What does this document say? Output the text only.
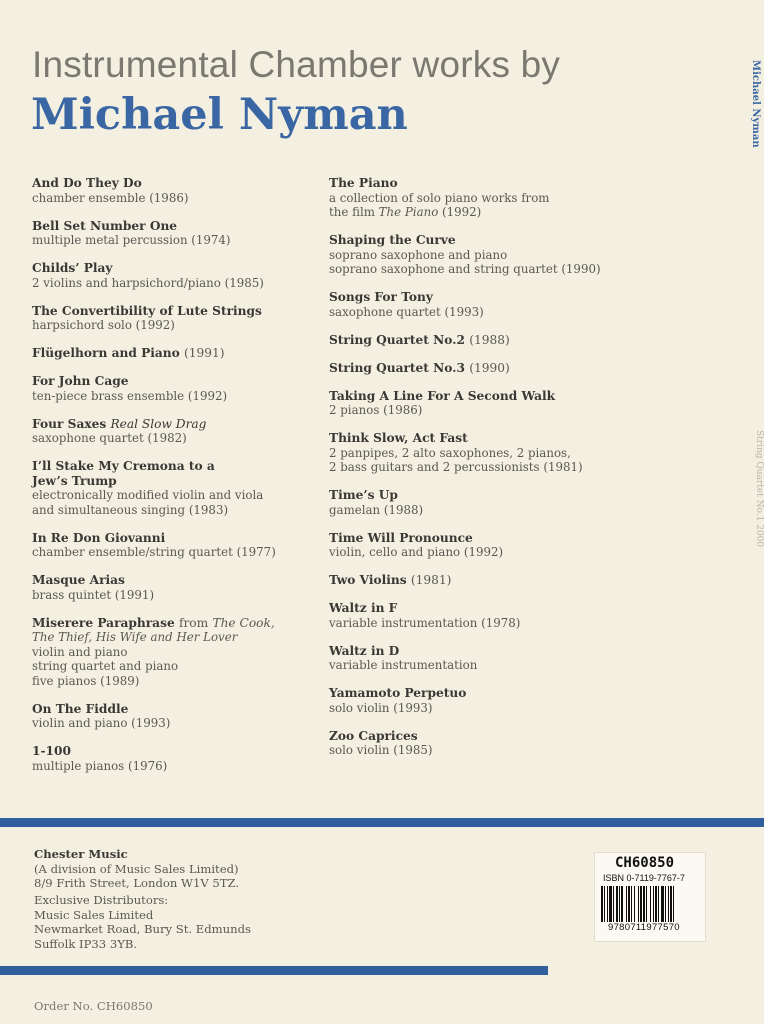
Instrumental Chamber works by
Michael Nyman	Michael Nyman
String Quartet No.1 2000
And Do They Do
chamber ensemble (1986)
Bell Set Number One
multiple metal percussion (1974)
Childs’ Play
2 violins and harpsichord/piano (1985)
The Convertibility of Lute Strings
harpsichord solo (1992)
Flügelhorn and Piano (1991)
For John Cage
ten-piece brass ensemble (1992)
Four Saxes Real Slow Drag
saxophone quartet (1982)
I’ll Stake My Cremona to a
Jew’s Trump
electronically modified violin and viola
and simultaneous singing (1983)
In Re Don Giovanni
chamber ensemble/string quartet (1977)
Masque Arias
brass quintet (1991)
Miserere Paraphrase from The Cook,
The Thief, His Wife and Her Lover
violin and piano
string quartet and piano
five pianos (1989)
On The Fiddle
violin and piano (1993)
1-100
multiple pianos (1976)
The Piano
a collection of solo piano works from
the film The Piano (1992)
Shaping the Curve
soprano saxophone and piano
soprano saxophone and string quartet (1990)
Songs For Tony
saxophone quartet (1993)
String Quartet No.2 (1988)
String Quartet No.3 (1990)
Taking A Line For A Second Walk
2 pianos (1986)
Think Slow, Act Fast
2 panpipes, 2 alto saxophones, 2 pianos,
2 bass guitars and 2 percussionists (1981)
Time’s Up
gamelan (1988)
Time Will Pronounce
violin, cello and piano (1992)
Two Violins (1981)
Waltz in F
variable instrumentation (1978)
Waltz in D
variable instrumentation
Yamamoto Perpetuo
solo violin (1993)
Zoo Caprices
solo violin (1985)
Chester Music
(A division of Music Sales Limited)
8/9 Frith Street, London W1V 5TZ.
Exclusive Distributors:
Music Sales Limited
Newmarket Road, Bury St. Edmunds
Suffolk IP33 3YB.
CH60850
ISBN 0-7119-7767-7
9780711977570
Order No. CH60850
